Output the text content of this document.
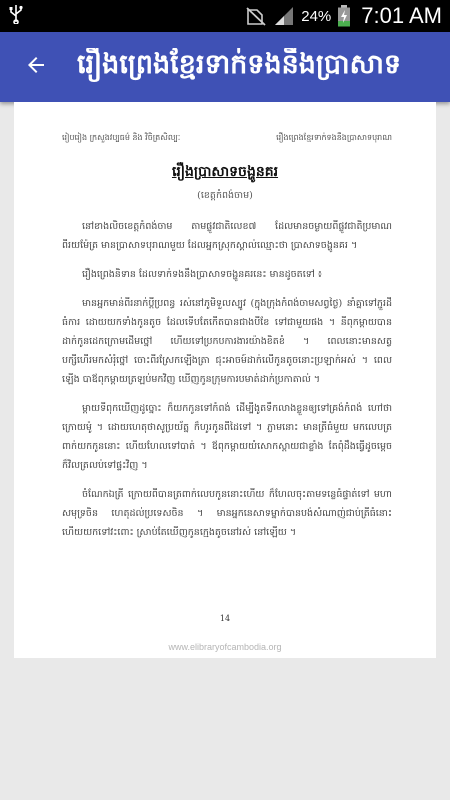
24% 7:01 AM
រឿងព្រេងខ្មែរទាក់ទងនឹងប្រាសាទ
រៀបរៀង ក្រសួងវប្បធម៌ និង វិចិត្រសិល្បៈ	រឿងព្រេងខ្មែរទាក់ទងនឹងប្រាសាទបុរាណ
រឿងប្រាសាទចង្ហូនគរ
(ខេត្តកំពង់ចាម)

នៅខាងលិចខេត្តកំពង់ចាម តាមផ្លូវជាតិលេខ៧ ដែលមានចម្ងាយពីផ្លូវជាតិប្រមាណពីរយម៉ែត្រ មានប្រាសាទបុរាណមួយ ដែលអ្នកស្រុកស្គាល់ឈ្មោះថា ប្រាសាទចង្ហូនគរ ។

រឿងព្រេងនិទាន ដែលទាក់ទងនឹងប្រាសាទចង្ហូនគរនេះ មានដូចតទៅ ៖

មានអ្នកមាន់ពីរនាក់ប្ដីប្រពន្ធ រស់នៅភូមិទួលស្បូវ (ក្នុងក្រុងកំពង់ចាមសព្វថ្ងៃ) នាំគ្នាទៅភ្ជួរដីធំការ ដោយយកទាំងកូនតូច ដែលទើបតែកើតបានជាងបីខែ ទៅជាមួយផង ។ នីពុកម្ដាយបានដាក់កូនដេកក្រោមដើមថ្នៅ ហើយទៅប្រកបការងារយ៉ាងខិតខំ ។ ពេលនោះមានសត្វបក្សីហើរមកសំរុំថ្នៅ ចោះពីរស្រែកឡើងត្រា ជុះអាចម៍ដាក់លើកូនតូចនោះប្រឡាក់អស់ ។ ពេលឡើង បាឪពុកម្ដាយត្រឡប់មកវិញ ឃើញកូនក្រុមការបមាត់ដាក់ប្រកាតាល់ ។

ម្ដាយទីពុកឃើញដូច្នោះ ក៏យកកូនទៅកំពង់ ដើម្បីងូតទឹកលាងខ្លួនឲ្យទៅគ្រង់កំពង់ ហៅថា ក្រោយម៉ូ ។ ដោយហេតុថាសូប្រយ័ត្ន ក៏ហូរកូនពីដៃទៅ ។ ភ្លាមនោះ មានត្រីធំមួយ មកលេបត្រពាក់យកកូននោះ ហើយហែលទៅបាត់ ។ ឪពុកម្ដាយយំសោកស្ដាយជាខ្លាំង តែពុំដឹងធ្វើដូចម្ដេច ក៏វិលត្រលប់ទៅផ្ទះវិញ ។

ចំណែកឯត្រី ក្រោយពីបានត្រពាក់លេបកូននោះហើយ ក៏ហែលចុះតាមទន្លេធំផ្ទាត់ទៅ មហាសមុទ្រចិន ហេតុដល់ប្រទេសចិន ។ មានអ្នកនេសាទម្នាក់បានបង់សំណាញ់ជាប់ត្រីធំនោះ ហើយយកទៅវះពោះ ស្រាប់តែឃើញកូនក្មេងតូចនៅរស់ នៅឡើយ ។

14
www.elibraryofcambodia.org
